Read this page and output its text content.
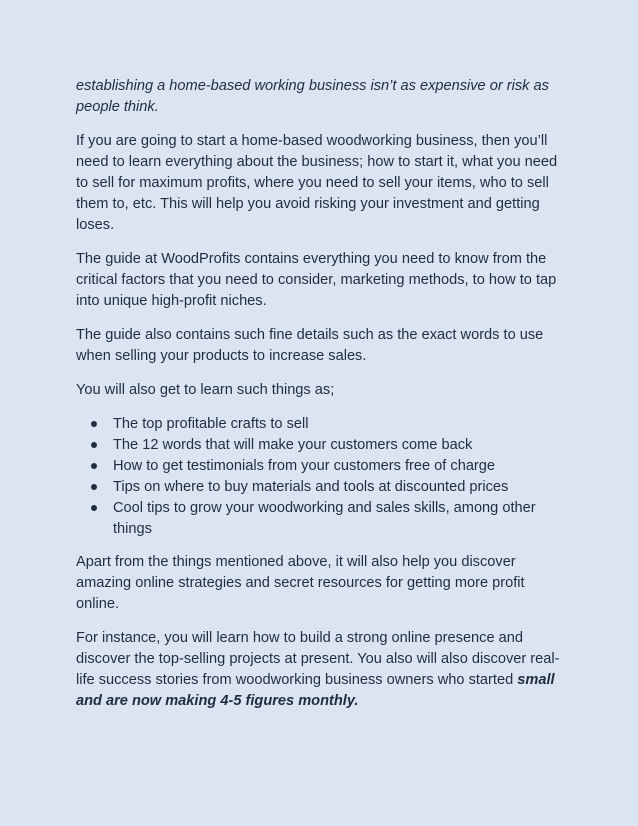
establishing a home-based working business isn’t as expensive or risk as people think.

If you are going to start a home-based woodworking business, then you’ll need to learn everything about the business; how to start it, what you need to sell for maximum profits, where you need to sell your items, who to sell them to, etc. This will help you avoid risking your investment and getting loses.

The guide at WoodProfits contains everything you need to know from the critical factors that you need to consider, marketing methods, to how to tap into unique high-profit niches.

The guide also contains such fine details such as the exact words to use when selling your products to increase sales.

You will also get to learn such things as;

The top profitable crafts to sell
The 12 words that will make your customers come back
How to get testimonials from your customers free of charge
Tips on where to buy materials and tools at discounted prices
Cool tips to grow your woodworking and sales skills, among other things

Apart from the things mentioned above, it will also help you discover amazing online strategies and secret resources for getting more profit online.

For instance, you will learn how to build a strong online presence and discover the top-selling projects at present. You also will also discover real-life success stories from woodworking business owners who started small and are now making 4-5 figures monthly.
